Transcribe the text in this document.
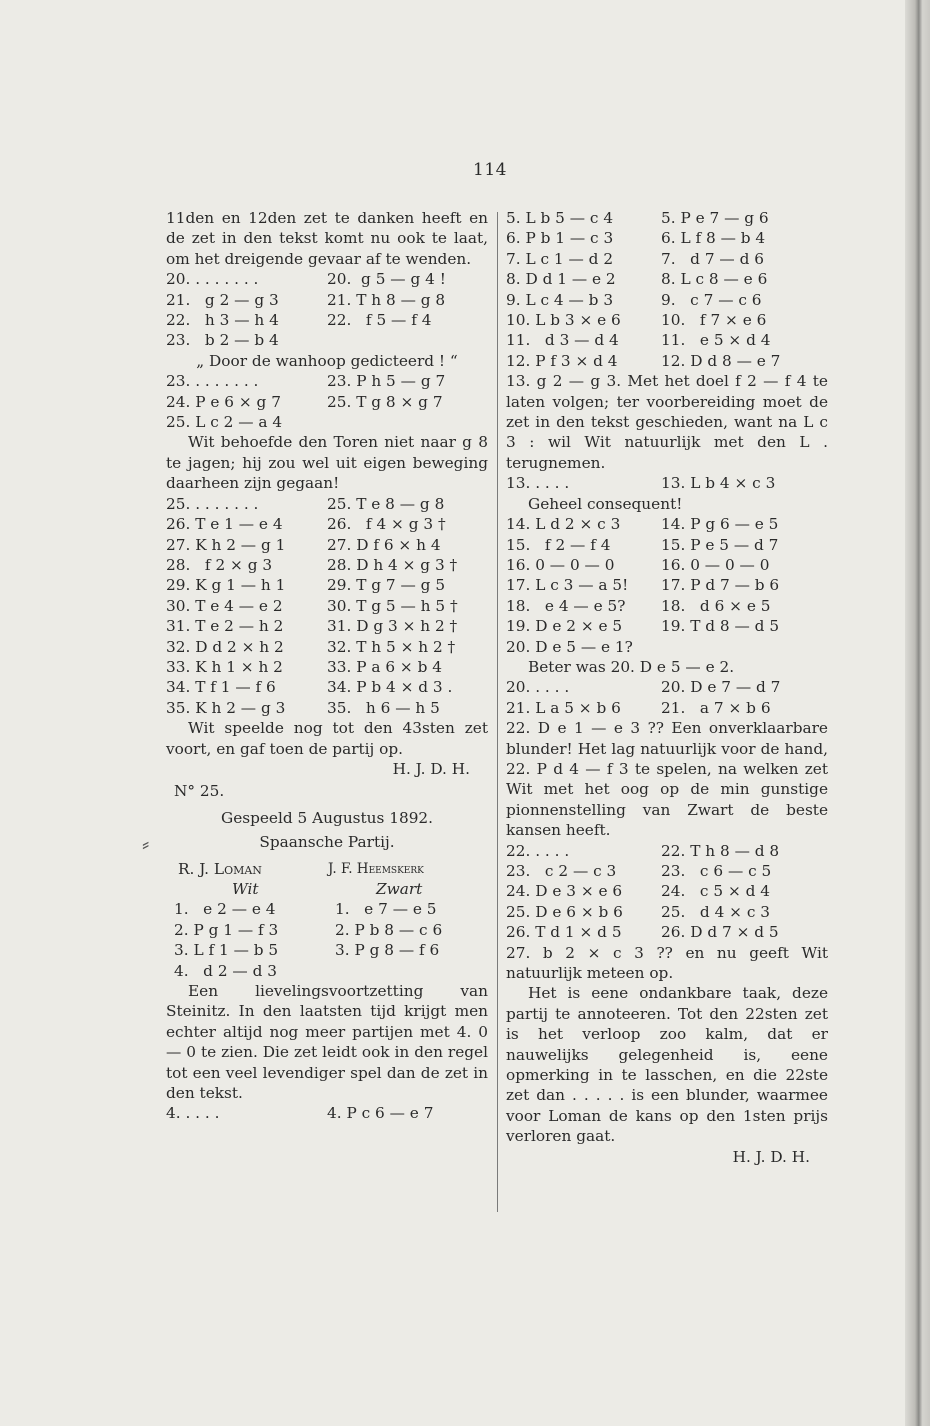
114
⸗

11den en 12den zet te danken heeft en de zet in den tekst komt nu ook te laat, om het dreigende gevaar af te wenden.

20. . . . . . . .	20.  g 5 — g 4 !
21.   g 2 — g 3	21. T h 8 — g 8
22.   h 3 — h 4	22.   f 5 — f 4
23.   b 2 — b 4

„ Door de wanhoop gedicteerd ! “

23. . . . . . . .	23. P h 5 — g 7
24. P e 6 × g 7	25. T g 8 × g 7
25. L c 2 — a 4

Wit behoefde den Toren niet naar g 8 te jagen; hij zou wel uit eigen beweging daarheen zijn gegaan!

25. . . . . . . .	25. T e 8 — g 8
26. T e 1 — e 4	26.   f 4 × g 3 †
27. K h 2 — g 1	27. D f 6 × h 4
28.   f 2 × g 3	28. D h 4 × g 3 †
29. K g 1 — h 1	29. T g 7 — g 5
30. T e 4 — e 2	30. T g 5 — h 5 †
31. T e 2 — h 2	31. D g 3 × h 2 †
32. D d 2 × h 2	32. T h 5 × h 2 †
33. K h 1 × h 2	33. P a 6 × b 4
34. T f 1 — f 6	34. P b 4 × d 3 .
35. K h 2 — g 3	35.   h 6 — h 5

Wit speelde nog tot den 43sten zet voort, en gaf toen de partij op.

H. J. D. H.

N° 25.

Gespeeld 5 Augustus 1892.

Spaansche Partij.

R. J. Loman	J. F. Heemskerk
Wit	Zwart
1.   e 2 — e 4	1.   e 7 — e 5
2. P g 1 — f 3	2. P b 8 — c 6
3. L f 1 — b 5	3. P g 8 — f 6
4.   d 2 — d 3

Een lievelingsvoortzetting van Steinitz. In den laatsten tijd krijgt men echter altijd nog meer partijen met 4. 0 — 0 te zien. Die zet leidt ook in den regel tot een veel levendiger spel dan de zet in den tekst.

4. . . . .	4. P c 6 — e 7
5. L b 5 — c 4	5. P e 7 — g 6
6. P b 1 — c 3	6. L f 8 — b 4
7. L c 1 — d 2	7.   d 7 — d 6
8. D d 1 — e 2	8. L c 8 — e 6
9. L c 4 — b 3	9.   c 7 — c 6
10. L b 3 × e 6	10.   f 7 × e 6
11.   d 3 — d 4	11.   e 5 × d 4
12. P f 3 × d 4	12. D d 8 — e 7

13. g 2 — g 3. Met het doel f 2 — f 4 te laten volgen; ter voorbereiding moet de zet in den tekst geschieden, want na L c 3 : wil Wit natuurlijk met den L . terugnemen.

13. . . . .	13. L b 4 × c 3

Geheel consequent!

14. L d 2 × c 3	14. P g 6 — e 5
15.   f 2 — f 4	15. P e 5 — d 7
16. 0 — 0 — 0	16. 0 — 0 — 0
17. L c 3 — a 5!	17. P d 7 — b 6
18.   e 4 — e 5?	18.   d 6 × e 5
19. D e 2 × e 5	19. T d 8 — d 5
20. D e 5 — e 1?

Beter was 20. D e 5 — e 2.

20. . . . .	20. D e 7 — d 7
21. L a 5 × b 6	21.   a 7 × b 6

22. D e 1 — e 3 ?? Een onverklaarbare blunder! Het lag natuurlijk voor de hand, 22. P d 4 — f 3 te spelen, na welken zet Wit met het oog op de min gunstige pionnenstelling van Zwart de beste kansen heeft.

22. . . . .	22. T h 8 — d 8
23.   c 2 — c 3	23.   c 6 — c 5
24. D e 3 × e 6	24.   c 5 × d 4
25. D e 6 × b 6	25.   d 4 × c 3
26. T d 1 × d 5	26. D d 7 × d 5

27. b 2 × c 3 ?? en nu geeft Wit natuurlijk meteen op.

Het is eene ondankbare taak, deze partij te annoteeren. Tot den 22sten zet is het verloop zoo kalm, dat er nauwelijks gelegenheid is, eene opmerking in te lasschen, en die 22ste zet dan . . . . . is een blunder, waarmee voor Loman de kans op den 1sten prijs verloren gaat.

H. J. D. H.
